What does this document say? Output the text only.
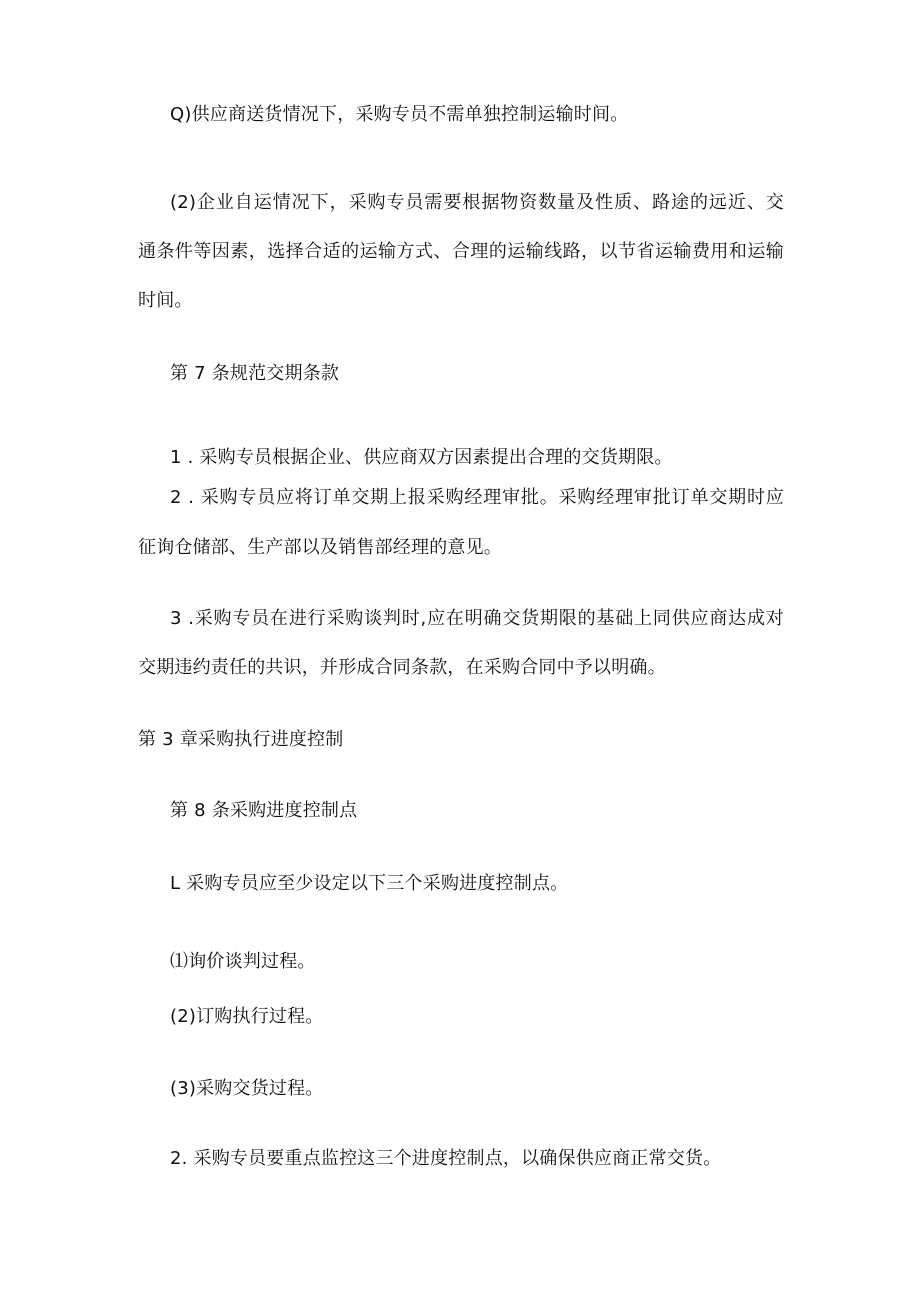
Q)供应商送货情况下，采购专员不需单独控制运输时间。
(2)企业自运情况下，采购专员需要根据物资数量及性质、路途的远近、交
通条件等因素，选择合适的运输方式、合理的运输线路，以节省运输费用和运输
时间。
第 7 条规范交期条款
1 . 采购专员根据企业、供应商双方因素提出合理的交货期限。
2 . 采购专员应将订单交期上报采购经理审批。采购经理审批订单交期时应
征询仓储部、生产部以及销售部经理的意见。
3 .采购专员在进行采购谈判时,应在明确交货期限的基础上同供应商达成对
交期违约责任的共识，并形成合同条款，在采购合同中予以明确。
第 3 章采购执行进度控制
第 8 条采购进度控制点
L 采购专员应至少设定以下三个采购进度控制点。
⑴询价谈判过程。
(2)订购执行过程。
(3)采购交货过程。
2. 采购专员要重点监控这三个进度控制点，以确保供应商正常交货。
